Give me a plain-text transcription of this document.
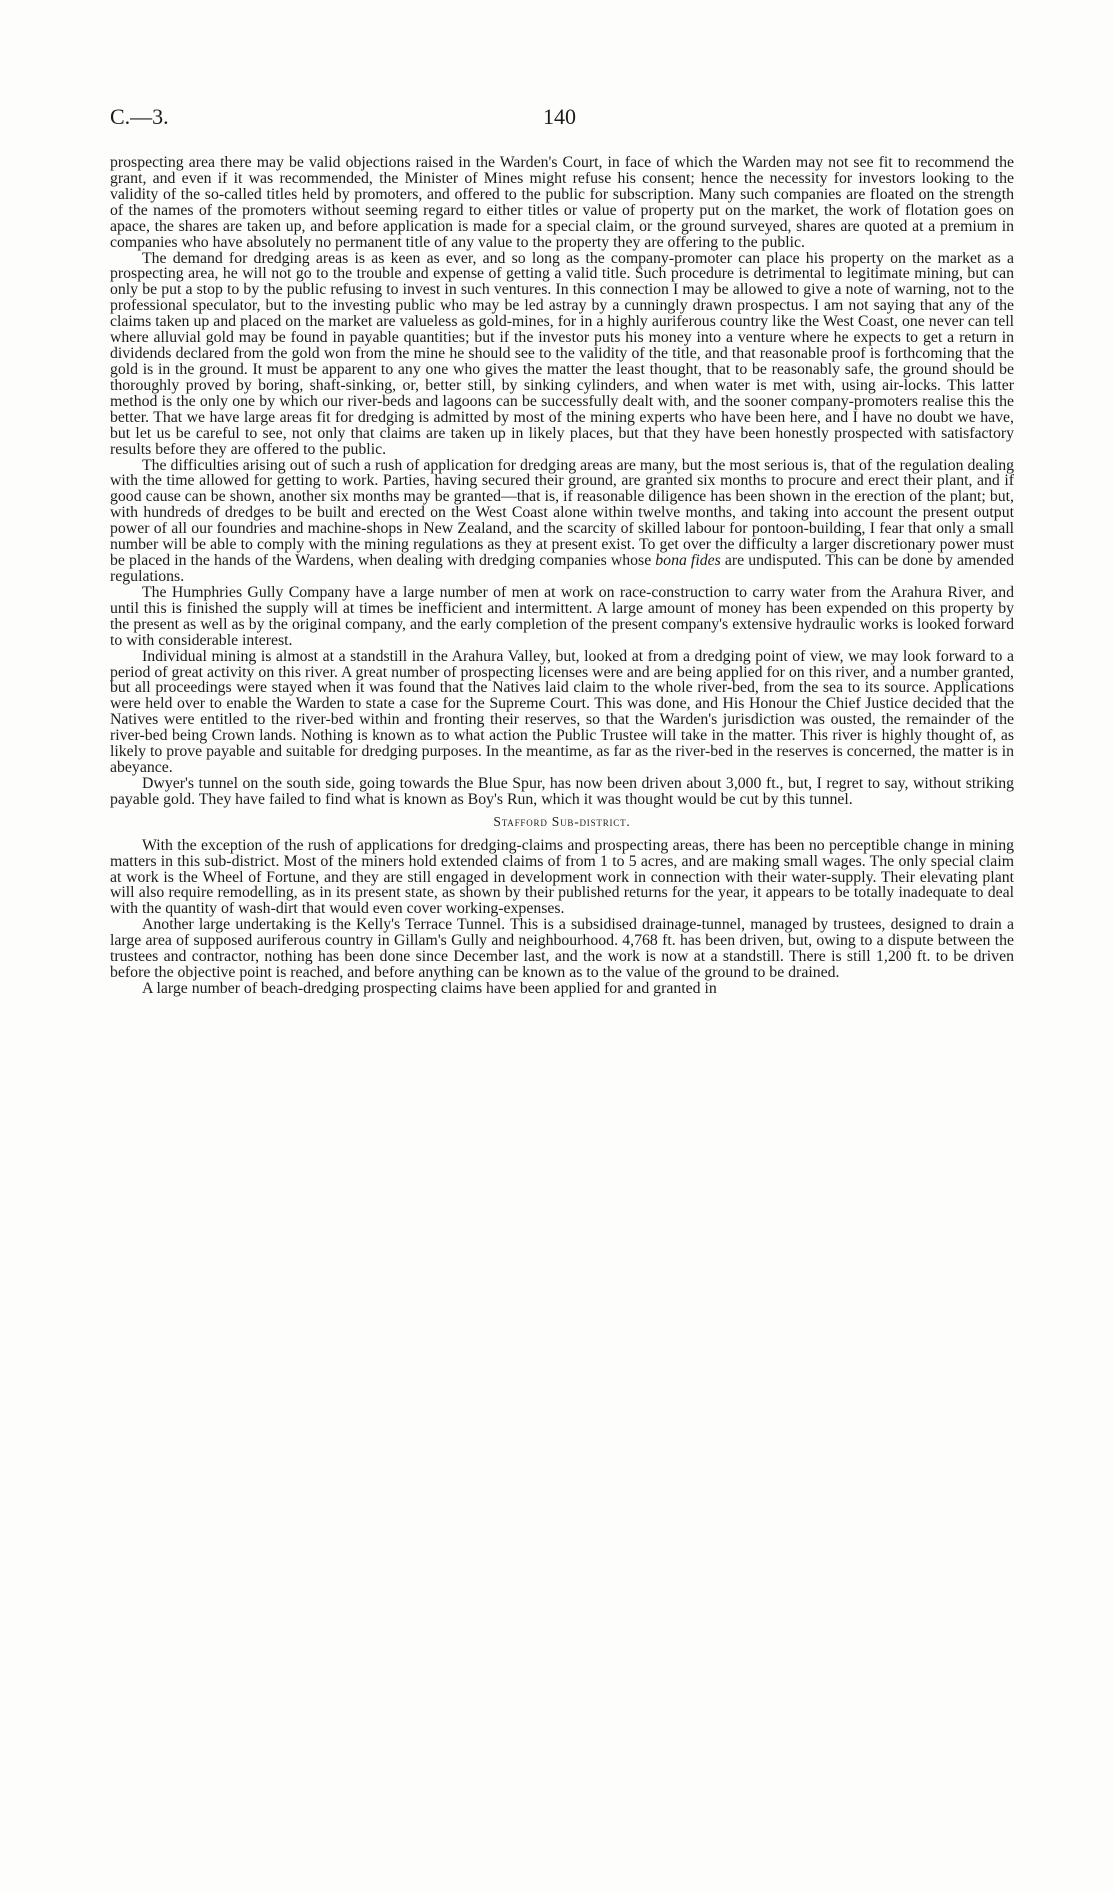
C.—3.	140

prospecting area there may be valid objections raised in the Warden's Court, in face of which the Warden may not see fit to recommend the grant, and even if it was recommended, the Minister of Mines might refuse his consent; hence the necessity for investors looking to the validity of the so-called titles held by promoters, and offered to the public for subscription. Many such companies are floated on the strength of the names of the promoters without seeming regard to either titles or value of property put on the market, the work of flotation goes on apace, the shares are taken up, and before application is made for a special claim, or the ground surveyed, shares are quoted at a premium in companies who have absolutely no permanent title of any value to the property they are offering to the public.

The demand for dredging areas is as keen as ever, and so long as the company-promoter can place his property on the market as a prospecting area, he will not go to the trouble and expense of getting a valid title. Such procedure is detrimental to legitimate mining, but can only be put a stop to by the public refusing to invest in such ventures. In this connection I may be allowed to give a note of warning, not to the professional speculator, but to the investing public who may be led astray by a cunningly drawn prospectus. I am not saying that any of the claims taken up and placed on the market are valueless as gold-mines, for in a highly auriferous country like the West Coast, one never can tell where alluvial gold may be found in payable quantities; but if the investor puts his money into a venture where he expects to get a return in dividends declared from the gold won from the mine he should see to the validity of the title, and that reasonable proof is forthcoming that the gold is in the ground. It must be apparent to any one who gives the matter the least thought, that to be reasonably safe, the ground should be thoroughly proved by boring, shaft-sinking, or, better still, by sinking cylinders, and when water is met with, using air-locks. This latter method is the only one by which our river-beds and lagoons can be successfully dealt with, and the sooner company-promoters realise this the better. That we have large areas fit for dredging is admitted by most of the mining experts who have been here, and I have no doubt we have, but let us be careful to see, not only that claims are taken up in likely places, but that they have been honestly prospected with satisfactory results before they are offered to the public.

The difficulties arising out of such a rush of application for dredging areas are many, but the most serious is, that of the regulation dealing with the time allowed for getting to work. Parties, having secured their ground, are granted six months to procure and erect their plant, and if good cause can be shown, another six months may be granted—that is, if reasonable diligence has been shown in the erection of the plant; but, with hundreds of dredges to be built and erected on the West Coast alone within twelve months, and taking into account the present output power of all our foundries and machine-shops in New Zealand, and the scarcity of skilled labour for pontoon-building, I fear that only a small number will be able to comply with the mining regulations as they at present exist. To get over the difficulty a larger discretionary power must be placed in the hands of the Wardens, when dealing with dredging companies whose bona fides are undisputed. This can be done by amended regulations.

The Humphries Gully Company have a large number of men at work on race-construction to carry water from the Arahura River, and until this is finished the supply will at times be inefficient and intermittent. A large amount of money has been expended on this property by the present as well as by the original company, and the early completion of the present company's extensive hydraulic works is looked forward to with considerable interest.

Individual mining is almost at a standstill in the Arahura Valley, but, looked at from a dredging point of view, we may look forward to a period of great activity on this river. A great number of prospecting licenses were and are being applied for on this river, and a number granted, but all proceedings were stayed when it was found that the Natives laid claim to the whole river-bed, from the sea to its source. Applications were held over to enable the Warden to state a case for the Supreme Court. This was done, and His Honour the Chief Justice decided that the Natives were entitled to the river-bed within and fronting their reserves, so that the Warden's jurisdiction was ousted, the remainder of the river-bed being Crown lands. Nothing is known as to what action the Public Trustee will take in the matter. This river is highly thought of, as likely to prove payable and suitable for dredging purposes. In the meantime, as far as the river-bed in the reserves is concerned, the matter is in abeyance.

Dwyer's tunnel on the south side, going towards the Blue Spur, has now been driven about 3,000 ft., but, I regret to say, without striking payable gold. They have failed to find what is known as Boy's Run, which it was thought would be cut by this tunnel.

Stafford Sub-district.

With the exception of the rush of applications for dredging-claims and prospecting areas, there has been no perceptible change in mining matters in this sub-district. Most of the miners hold extended claims of from 1 to 5 acres, and are making small wages. The only special claim at work is the Wheel of Fortune, and they are still engaged in development work in connection with their water-supply. Their elevating plant will also require remodelling, as in its present state, as shown by their published returns for the year, it appears to be totally inadequate to deal with the quantity of wash-dirt that would even cover working-expenses.

Another large undertaking is the Kelly's Terrace Tunnel. This is a subsidised drainage-tunnel, managed by trustees, designed to drain a large area of supposed auriferous country in Gillam's Gully and neighbourhood. 4,768 ft. has been driven, but, owing to a dispute between the trustees and contractor, nothing has been done since December last, and the work is now at a standstill. There is still 1,200 ft. to be driven before the objective point is reached, and before anything can be known as to the value of the ground to be drained.

A large number of beach-dredging prospecting claims have been applied for and granted in
